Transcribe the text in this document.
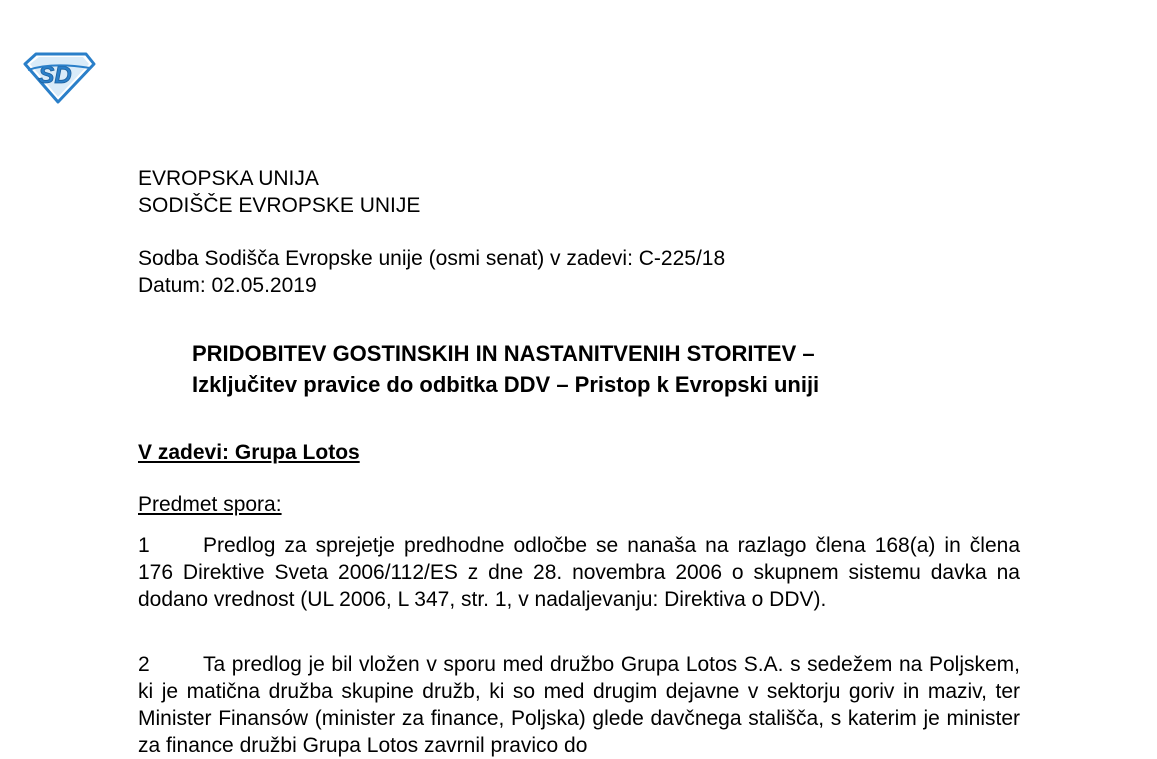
SD
EVROPSKA UNIJA
SODIŠČE EVROPSKE UNIJE
Sodba Sodišča Evropske unije (osmi senat) v zadevi: C-225/18
Datum: 02.05.2019
PRIDOBITEV GOSTINSKIH IN NASTANITVENIH STORITEV –
Izključitev pravice do odbitka DDV – Pristop k Evropski uniji
V zadevi: Grupa Lotos
Predmet spora:
1	Predlog za sprejetje predhodne odločbe se nanaša na razlago člena 168(a) in člena 176 Direktive Sveta 2006/112/ES z dne 28. novembra 2006 o skupnem sistemu davka na dodano vrednost (UL 2006, L 347, str. 1, v nadaljevanju: Direktiva o DDV).
2	Ta predlog je bil vložen v sporu med družbo Grupa Lotos S.A. s sedežem na Poljskem, ki je matična družba skupine družb, ki so med drugim dejavne v sektorju goriv in maziv, ter Minister Finansów (minister za finance, Poljska) glede davčnega stališča, s katerim je minister za finance družbi Grupa Lotos zavrnil pravico do
